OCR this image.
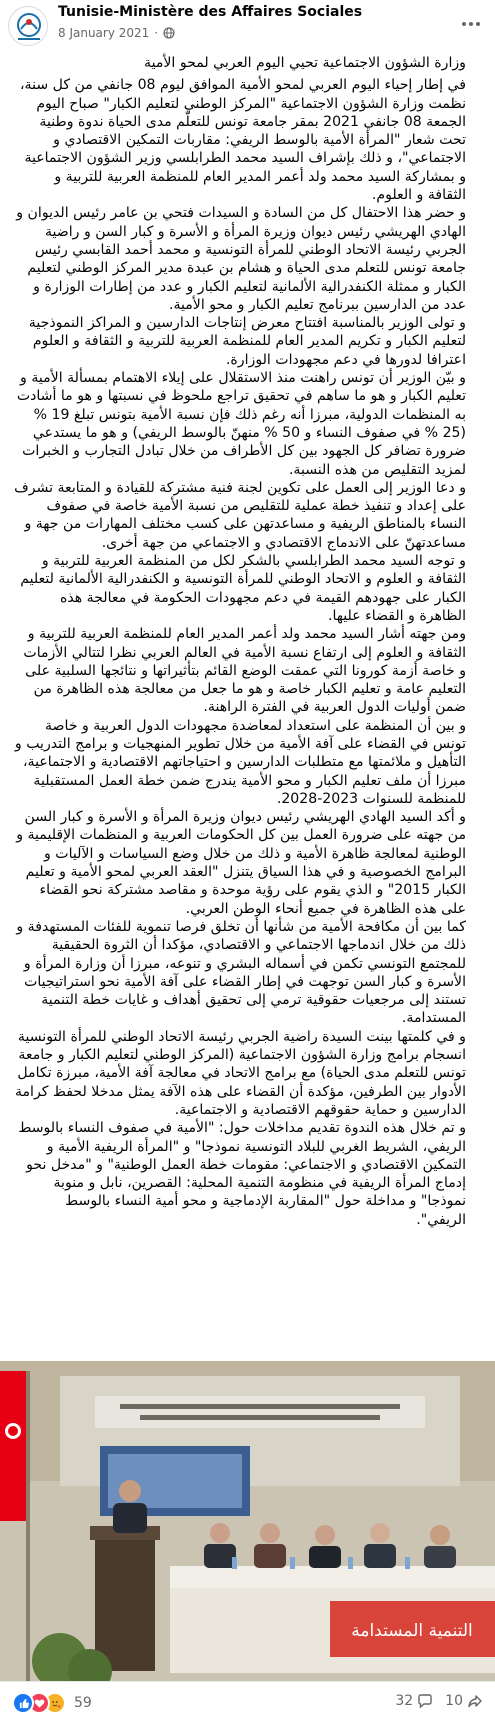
Tunisie-Ministère des Affaires Sociales
8 January 2021 ·

وزارة الشؤون الاجتماعية تحيي اليوم العربي لمحو الأمية

في إطار إحياء اليوم العربي لمحو الأمية الموافق ليوم 08 جانفي من كل سنة، نظمت وزارة الشؤون الاجتماعية "المركز الوطني لتعليم الكبار" صباح اليوم الجمعة 08 جانفي 2021 بمقر جامعة تونس للتعلّم مدى الحياة ندوة وطنية تحت شعار "المرأة الأمية بالوسط الريفي: مقاربات التمكين الاقتصادي و الاجتماعي"، و ذلك بإشراف السيد محمد الطرابلسي وزير الشؤون الاجتماعية و بمشاركة السيد محمد ولد أعمر المدير العام للمنظمة العربية للتربية و الثقافة و العلوم.

و حضر هذا الاحتفال كل من السادة و السيدات فتحي بن عامر رئيس الديوان و الهادي الهريشي رئيس ديوان وزيرة المرأة و الأسرة و كبار السن و راضية الجربي رئيسة الاتحاد الوطني للمرأة التونسية و محمد أحمد القابسي رئيس جامعة تونس للتعلم مدى الحياة و هشام بن عبدة مدير المركز الوطني لتعليم الكبار و ممثلة الكنفدرالية الألمانية لتعليم الكبار و عدد من إطارات الوزارة و عدد من الدارسين ببرنامج تعليم الكبار و محو الأمية.

و تولى الوزير بالمناسبة افتتاح معرض إنتاجات الدارسين و المراكز النموذجية لتعليم الكبار و تكريم المدير العام للمنظمة العربية للتربية و الثقافة و العلوم اعترافا لدورها في دعم مجهودات الوزارة.

و بيّن الوزير أن تونس راهنت منذ الاستقلال على إيلاء الاهتمام بمسألة الأمية و تعليم الكبار و هو ما ساهم في تحقيق تراجع ملحوظ في نسبتها و هو ما أشادت به المنظمات الدولية، مبرزا أنه رغم ذلك فإن نسبة الأمية بتونس تبلغ 19 % (25 % في صفوف النساء و 50 % منهنّ بالوسط الريفي) و هو ما يستدعي ضرورة تضافر كل الجهود بين كل الأطراف من خلال تبادل التجارب و الخبرات لمزيد التقليص من هذه النسبة.

و دعا الوزير إلى العمل على تكوين لجنة فنية مشتركة للقيادة و المتابعة تشرف على إعداد و تنفيذ خطة عملية للتقليص من نسبة الأمية خاصة في صفوف النساء بالمناطق الريفية و مساعدتهن على كسب مختلف المهارات من جهة و مساعدتهنّ على الاندماج الاقتصادي و الاجتماعي من جهة أخرى.

و توجه السيد محمد الطرابلسي بالشكر لكل من المنظمة العربية للتربية و الثقافة و العلوم و الاتحاد الوطني للمرأة التونسية و الكنفدرالية الألمانية لتعليم الكبار على جهودهم القيمة في دعم مجهودات الحكومة في معالجة هذه الظاهرة و القضاء عليها.

ومن جهته أشار السيد محمد ولد أعمر المدير العام للمنظمة العربية للتربية و الثقافة و العلوم إلى ارتفاع نسبة الأمية في العالم العربي نظرا لتتالي الأزمات و خاصة أزمة كورونا التي عمقت الوضع القائم بتأثيراتها و نتائجها السلبية على التعليم عامة و تعليم الكبار خاصة و هو ما جعل من معالجة هذه الظاهرة من ضمن أوليات الدول العربية في الفترة الراهنة.

و بين أن المنظمة على استعداد لمعاضدة مجهودات الدول العربية و خاصة تونس في القضاء على آفة الأمية من خلال تطوير المنهجيات و برامج التدريب و التأهيل و ملائمتها مع متطلبات الدارسين و احتياجاتهم الاقتصادية و الاجتماعية، مبرزا أن ملف تعليم الكبار و محو الأمية يندرج ضمن خطة العمل المستقبلية للمنظمة للسنوات 2023-2028.

و أكد السيد الهادي الهريشي رئيس ديوان وزيرة المرأة و الأسرة و كبار السن من جهته على ضرورة العمل بين كل الحكومات العربية و المنظمات الإقليمية و الوطنية لمعالجة ظاهرة الأمية و ذلك من خلال وضع السياسات و الآليات و البرامج الخصوصية و في هذا السياق يتنزل "العقد العربي لمحو الأمية و تعليم الكبار 2015" و الذي يقوم على رؤية موحدة و مقاصد مشتركة نحو القضاء على هذه الظاهرة في جميع أنحاء الوطن العربي.

كما بين أن مكافحة الأمية من شأنها أن تخلق فرصا تنموية للفئات المستهدفة و ذلك من خلال اندماجها الاجتماعي و الاقتصادي، مؤكدا أن الثروة الحقيقية للمجتمع التونسي تكمن في أسماله البشري و تنوعه، مبرزا أن وزارة المرأة و الأسرة و كبار السن توجهت في إطار القضاء على آفة الأمية نحو استراتيجيات تستند إلى مرجعيات حقوقية ترمي إلى تحقيق أهداف و غايات خطة التنمية المستدامة.

و في كلمتها بينت السيدة راضية الجربي رئيسة الاتحاد الوطني للمرأة التونسية انسجام برامج وزارة الشؤون الاجتماعية (المركز الوطني لتعليم الكبار و جامعة تونس للتعلم مدى الحياة) مع برامج الاتحاد في معالجة آفة الأمية، مبرزة تكامل الأدوار بين الطرفين، مؤكدة أن القضاء على هذه الآفة يمثل مدخلا لحفظ كرامة الدارسين و حماية حقوقهم الاقتصادية و الاجتماعية.

و تم خلال هذه الندوة تقديم مداخلات حول: "الأمية في صفوف النساء بالوسط الريفي، الشريط الغربي للبلاد التونسية نموذجا" و "المرأة الريفية الأمية و التمكين الاقتصادي و الاجتماعي: مقومات خطة العمل الوطنية" و "مدخل نحو إدماج المرأة الريفية في منظومة التنمية المحلية: القصرين، نابل و منوبة نموذجا" و مداخلة حول "المقاربة الإدماجية و محو أمية النساء بالوسط الريفي".

التنمية المستدامة
59	32 10
